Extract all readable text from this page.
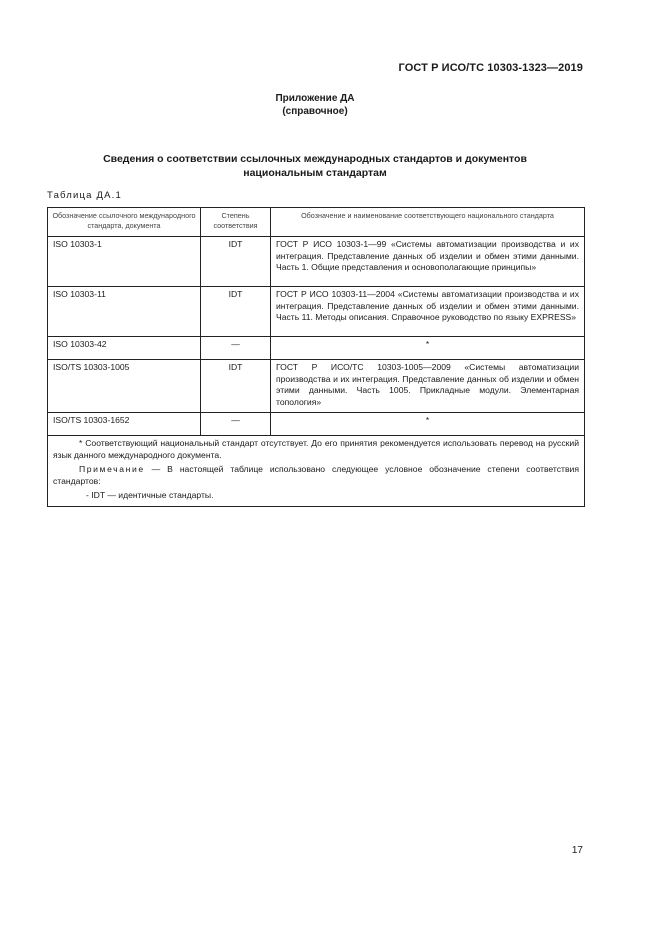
ГОСТ Р ИСО/ТС 10303-1323—2019
Приложение ДА
(справочное)
Сведения о соответствии ссылочных международных стандартов и документов
национальным стандартам
Таблица ДА.1
Обозначение ссылочного междунарoдного стандарта, документа	Степень соответствия	Обозначение и наименование соответствующего национального стандарта
ISO 10303-1	IDT	ГОСТ Р ИСО 10303-1—99 «Системы автоматизации производства и их интеграция. Представление данных об изделии и обмен этими данными. Часть 1. Общие представления и основополагающие принципы»
ISO 10303-11	IDT	ГОСТ Р ИСО 10303-11—2004 «Системы автоматизации производства и их интеграция. Представление данных об изделии и обмен этими данными. Часть 11. Методы описания. Справочное руководство по языку EXPRESS»
ISO 10303-42	—	*
ISO/TS 10303-1005	IDT	ГОСТ Р ИСО/ТС 10303-1005—2009 «Системы автоматизации производства и их интеграция. Представление данных об изделии и обмен этими данными. Часть 1005. Прикладные модули. Элементарная топология»
ISO/TS 10303-1652	—	*

* Соответствующий национальный стандарт отсутствует. До его принятия рекомендуется использовать перевод на русский язык данного международного документа.

Примечание — В настоящей таблице использовано следующее условное обозначение степени соответствия стандартов:

- IDT — идентичные стандарты.		

17
